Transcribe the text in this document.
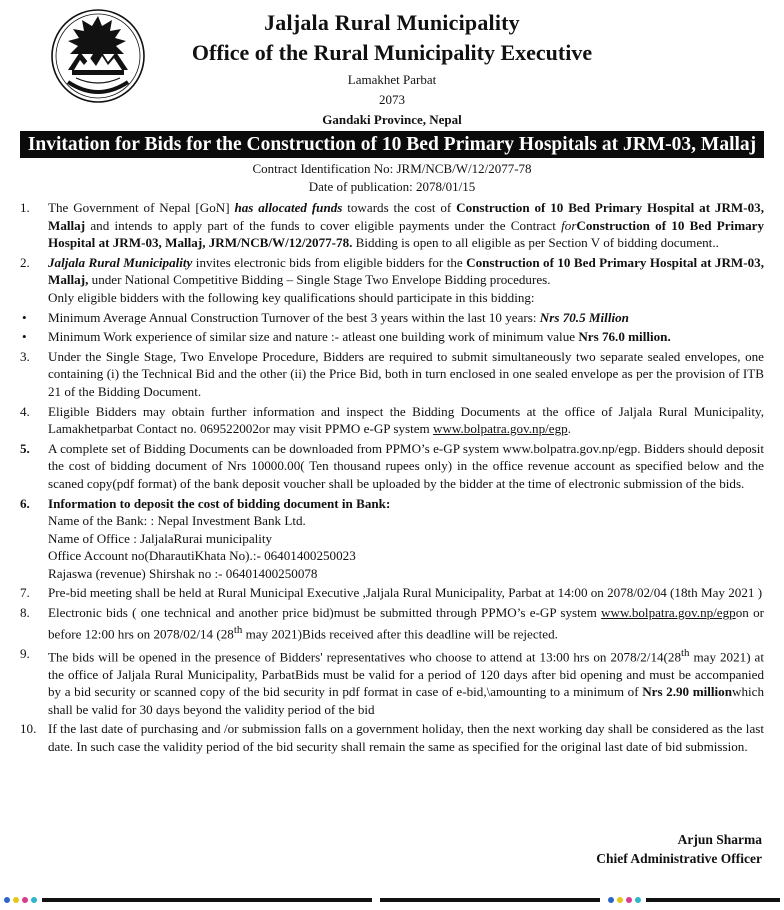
Jaljala Rural Municipality
Office of the Rural Municipality Executive
Lamakhet Parbat
2073
Gandaki Province, Nepal
Invitation for Bids for the Construction of 10 Bed Primary Hospitals at JRM-03, Mallaj
Contract Identification No: JRM/NCB/W/12/2077-78
Date of publication: 2078/01/15
1.	The Government of Nepal [GoN] has allocated funds towards the cost of Construction of 10 Bed Primary Hospital at JRM-03, Mallaj and intends to apply part of the funds to cover eligible payments under the Contract forConstruction of 10 Bed Primary Hospital at JRM-03, Mallaj, JRM/NCB/W/12/2077-78. Bidding is open to all eligible as per Section V of bidding document..
2.	Jaljala Rural Municipality invites electronic bids from eligible bidders for the Construction of 10 Bed Primary Hospital at JRM-03, Mallaj, under National Competitive Bidding – Single Stage Two Envelope Bidding procedures.
Only eligible bidders with the following key qualifications should participate in this bidding:
• Minimum Average Annual Construction Turnover of the best 3 years within the last 10 years: Nrs 70.5 Million
• Minimum Work experience of similar size and nature :- atleast one building work of minimum value Nrs 76.0 million.
3.	Under the Single Stage, Two Envelope Procedure, Bidders are required to submit simultaneously two separate sealed envelopes, one containing (i) the Technical Bid and the other (ii) the Price Bid, both in turn enclosed in one sealed envelope as per the provision of ITB 21 of the Bidding Document.
4.	Eligible Bidders may obtain further information and inspect the Bidding Documents at the office of Jaljala Rural Municipality, Lamakhetparbat Contact no. 069522002or may visit PPMO e-GP system www.bolpatra.gov.np/egp.
5.	A complete set of Bidding Documents can be downloaded from PPMO’s e-GP system www.bolpatra.gov.np/egp. Bidders should deposit the cost of bidding document of Nrs 10000.00( Ten thousand rupees only) in the office revenue account as specified below and the scaned copy(pdf format) of the bank deposit voucher shall be uploaded by the bidder at the time of electronic submission of the bids.
6.	Information to deposit the cost of bidding document in Bank:
Name of the Bank: : Nepal Investment Bank Ltd.
Name of Office : JaljalaRurai municipality
Office Account no(DharautiKhata No).:- 06401400250023
Rajaswa (revenue) Shirshak no :- 06401400250078
7.	Pre-bid meeting shall be held at Rural Municipal Executive ,Jaljala Rural Municipality, Parbat at 14:00 on 2078/02/04 (18th May 2021 )
8.	Electronic bids ( one technical and another price bid)must be submitted through PPMO’s e-GP system www.bolpatra.gov.np/egpon or before 12:00 hrs on 2078/02/14 (28th may 2021)Bids received after this deadline will be rejected.
9.	The bids will be opened in the presence of Bidders' representatives who choose to attend at 13:00 hrs on 2078/2/14(28th may 2021) at the office of Jaljala Rural Municipality, ParbatBids must be valid for a period of 120 days after bid opening and must be accompanied by a bid security or scanned copy of the bid security in pdf format in case of e-bid,\amounting to a minimum of Nrs 2.90 millionwhich shall be valid for 30 days beyond the validity period of the bid
10. If the last date of purchasing and /or submission falls on a government holiday, then the next working day shall be considered as the last date. In such case the validity period of the bid security shall remain the same as specified for the original last date of bid submission.
Arjun Sharma
Chief Administrative Officer
